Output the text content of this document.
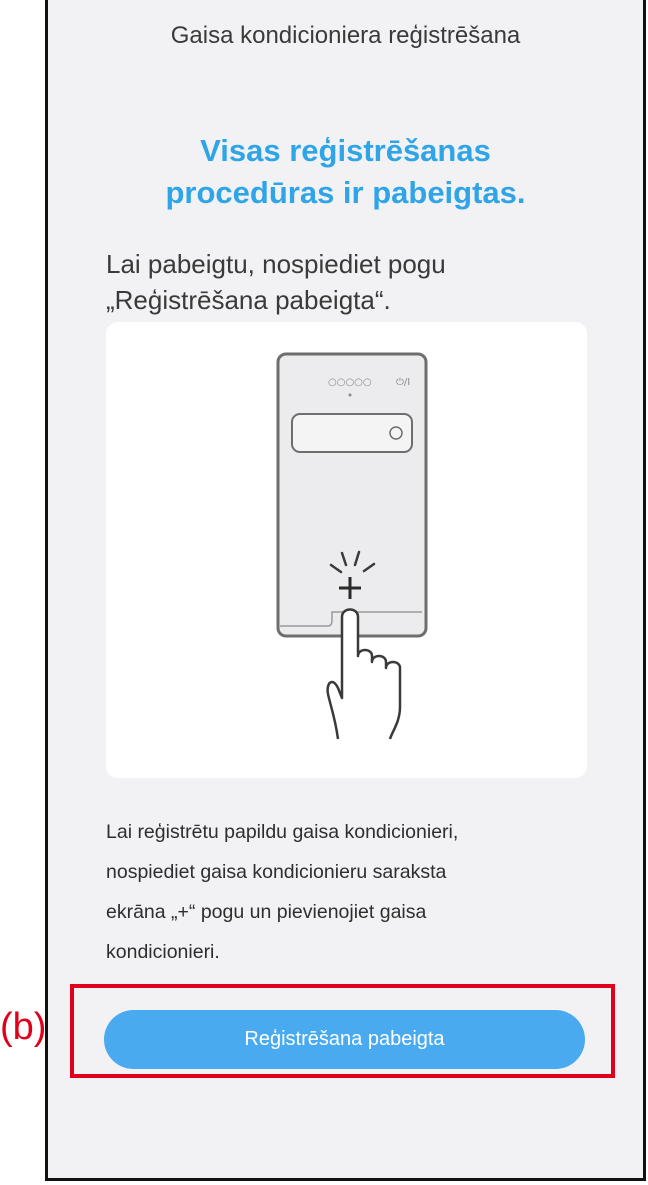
Gaisa kondicioniera reģistrēšana
Visas reģistrēšanas
procedūras ir pabeigtas.
Lai pabeigtu, nospiediet pogu
„Reģistrēšana pabeigta“.
○○○○○ ⏻/I
Lai reģistrētu papildu gaisa kondicionieri,
nospiediet gaisa kondicionieru saraksta
ekrāna „+“ pogu un pievienojiet gaisa
kondicionieri.
(b)	Reģistrēšana pabeigta
